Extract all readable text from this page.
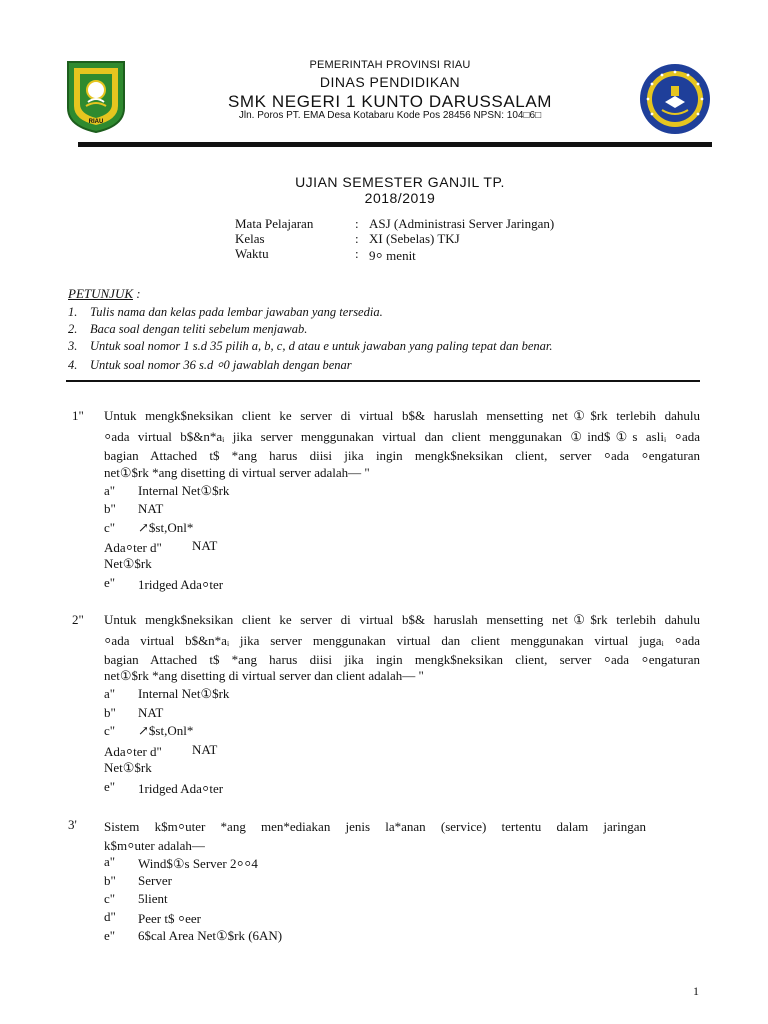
RIAU
PEMERINTAH PROVINSI RIAU
DINAS PENDIDIKAN
SMK NEGERI 1 KUNTO DARUSSALAM
Jln. Poros PT. EMA Desa Kotabaru Kode Pos 28456 NPSN: 104□6□
UJIAN SEMESTER GANJIL TP.
2018/2019
Mata Pelajaran	: ASJ (Administrasi Server Jaringan)
Kelas	: XI (Sebelas) TKJ
Waktu	: 9⸰ menit
PETUNJUK :
1. Tulis nama dan kelas pada lembar jawaban yang tersedia.
2. Baca soal dengan teliti sebelum menjawab.
3. Untuk soal nomor 1 s.d 35 pilih a, b, c, d atau e untuk jawaban yang paling tepat dan benar.
4. Untuk soal nomor 36 s.d ⸰0 jawablah dengan benar
1" Untuk mengk$neksikan client ke server di virtual b$& haruslah mensetting net①$rk terlebih dahulu
⸰ada virtual b$&n*aᵢ jika server menggunakan virtual dan client menggunakan ①ind$①s asliᵢ ⸰ada
bagian Attached t$ *ang harus diisi jika ingin mengk$neksikan client, server ⸰ada ⸰engaturan
net①$rk *ang disetting di virtual server adalah— "
a" Internal Net①$rk
b" NAT
c" ↗$st,Onl*
Ada⸰ter d" NAT
Net①$rk
e" 1ridged Ada⸰ter
2" Untuk mengk$neksikan client ke server di virtual b$& haruslah mensetting net①$rk terlebih dahulu
⸰ada virtual b$&n*aᵢ jika server menggunakan virtual dan client menggunakan virtual jugaᵢ ⸰ada
bagian Attached t$ *ang harus diisi jika ingin mengk$neksikan client, server ⸰ada ⸰engaturan
net①$rk *ang disetting di virtual server dan client adalah— "
a" Internal Net①$rk
b" NAT
c" ↗$st,Onl*
Ada⸰ter d" NAT
Net①$rk
e" 1ridged Ada⸰ter
3' Sistem k$m⸰uter *ang men*ediakan jenis la*anan (service) tertentu dalam jaringan
k$m⸰uter adalah—
a" Wind$①s Server 2⸰⸰4
b" Server
c" 5lient
d" Peer t$ ⸰eer
e" 6$cal Area Net①$rk (6AN)
1
